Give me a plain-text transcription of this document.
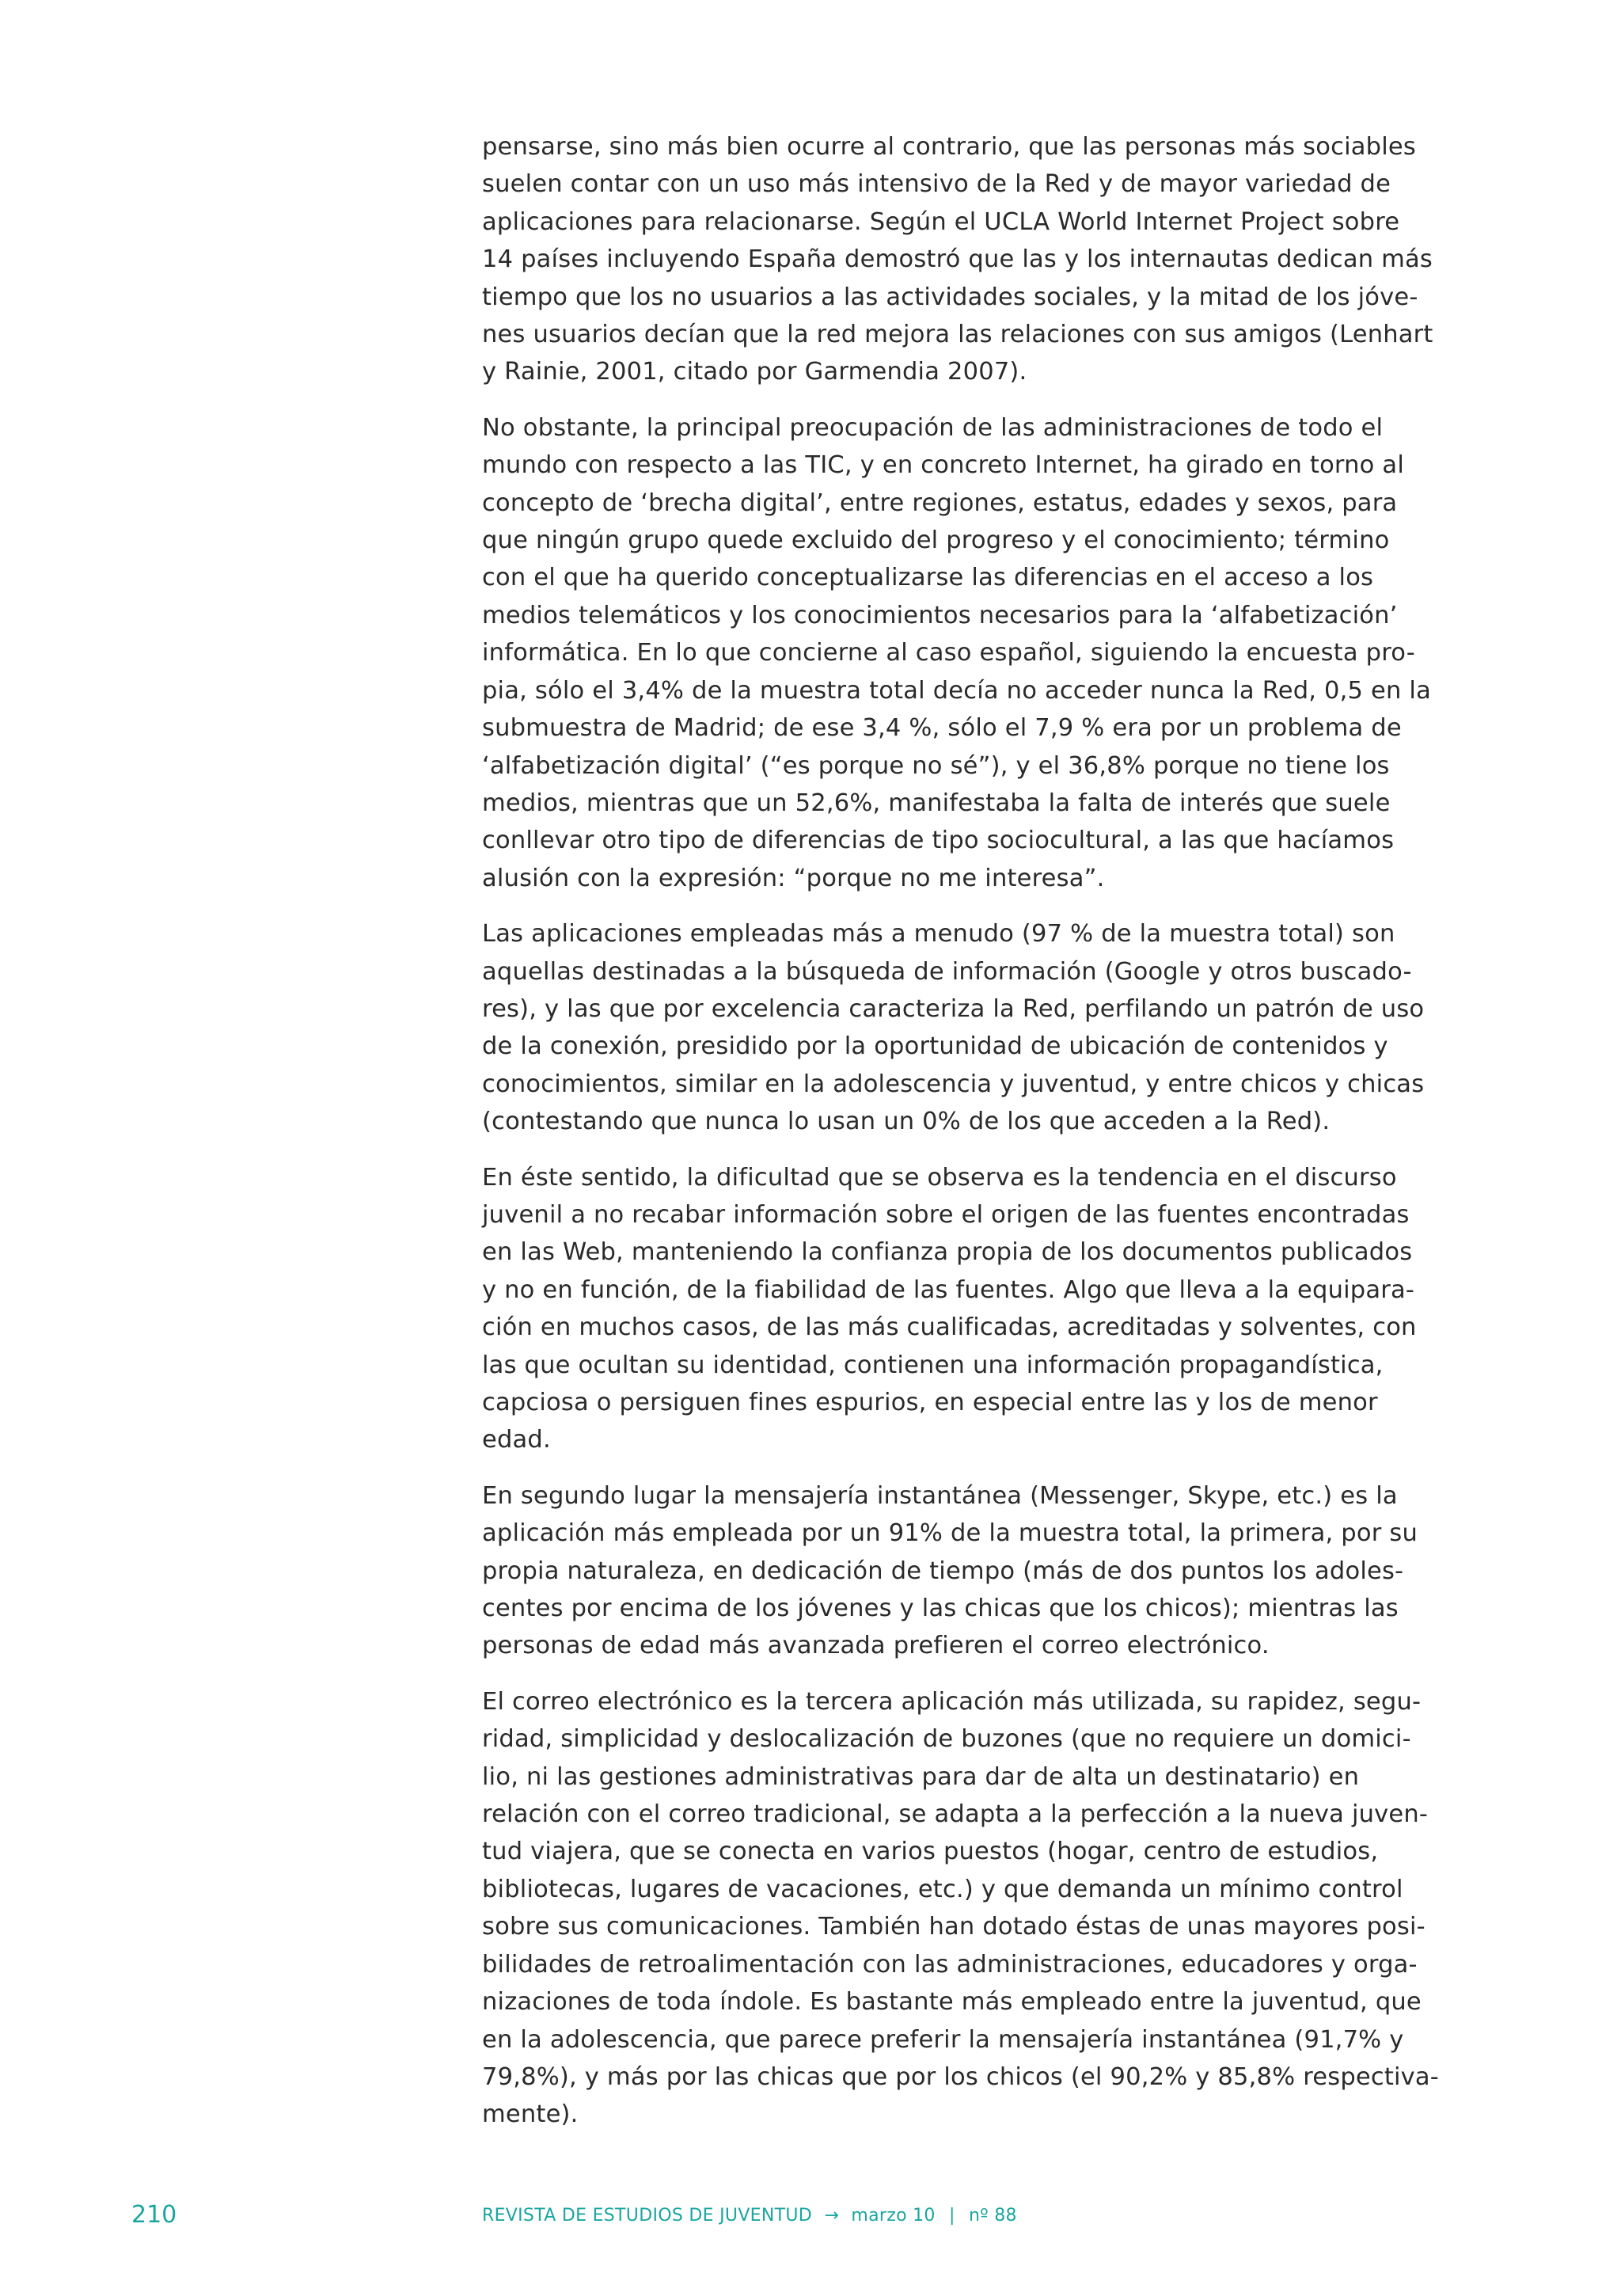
pensarse, sino más bien ocurre al contrario, que las personas más sociables
suelen contar con un uso más intensivo de la Red y de mayor variedad de
aplicaciones para relacionarse. Según el UCLA World Internet Project sobre
14 países incluyendo España demostró que las y los internautas dedican más
tiempo que los no usuarios a las actividades sociales, y la mitad de los jóve-
nes usuarios decían que la red mejora las relaciones con sus amigos (Lenhart
y Rainie, 2001, citado por Garmendia 2007).

No obstante, la principal preocupación de las administraciones de todo el
mundo con respecto a las TIC, y en concreto Internet, ha girado en torno al
concepto de ‘brecha digital’, entre regiones, estatus, edades y sexos, para
que ningún grupo quede excluido del progreso y el conocimiento; término
con el que ha querido conceptualizarse las diferencias en el acceso a los
medios telemáticos y los conocimientos necesarios para la ‘alfabetización’
informática. En lo que concierne al caso español, siguiendo la encuesta pro-
pia, sólo el 3,4% de la muestra total decía no acceder nunca la Red, 0,5 en la
submuestra de Madrid; de ese 3,4 %, sólo el 7,9 % era por un problema de
‘alfabetización digital’ (“es porque no sé”), y el 36,8% porque no tiene los
medios, mientras que un 52,6%, manifestaba la falta de interés que suele
conllevar otro tipo de diferencias de tipo sociocultural, a las que hacíamos
alusión con la expresión: “porque no me interesa”.

Las aplicaciones empleadas más a menudo (97 % de la muestra total) son
aquellas destinadas a la búsqueda de información (Google y otros buscado-
res), y las que por excelencia caracteriza la Red, perfilando un patrón de uso
de la conexión, presidido por la oportunidad de ubicación de contenidos y
conocimientos, similar en la adolescencia y juventud, y entre chicos y chicas
(contestando que nunca lo usan un 0% de los que acceden a la Red).

En éste sentido, la dificultad que se observa es la tendencia en el discurso
juvenil a no recabar información sobre el origen de las fuentes encontradas
en las Web, manteniendo la confianza propia de los documentos publicados
y no en función, de la fiabilidad de las fuentes. Algo que lleva a la equipara-
ción en muchos casos, de las más cualificadas, acreditadas y solventes, con
las que ocultan su identidad, contienen una información propagandística,
capciosa o persiguen fines espurios, en especial entre las y los de menor
edad.

En segundo lugar la mensajería instantánea (Messenger, Skype, etc.) es la
aplicación más empleada por un 91% de la muestra total, la primera, por su
propia naturaleza, en dedicación de tiempo (más de dos puntos los adoles-
centes por encima de los jóvenes y las chicas que los chicos); mientras las
personas de edad más avanzada prefieren el correo electrónico.

El correo electrónico es la tercera aplicación más utilizada, su rapidez, segu-
ridad, simplicidad y deslocalización de buzones (que no requiere un domici-
lio, ni las gestiones administrativas para dar de alta un destinatario) en
relación con el correo tradicional, se adapta a la perfección a la nueva juven-
tud viajera, que se conecta en varios puestos (hogar, centro de estudios,
bibliotecas, lugares de vacaciones, etc.) y que demanda un mínimo control
sobre sus comunicaciones. También han dotado éstas de unas mayores posi-
bilidades de retroalimentación con las administraciones, educadores y orga-
nizaciones de toda índole. Es bastante más empleado entre la juventud, que
en la adolescencia, que parece preferir la mensajería instantánea (91,7% y
79,8%), y más por las chicas que por los chicos (el 90,2% y 85,8% respectiva-
mente).

210	REVISTA DE ESTUDIOS DE JUVENTUD → marzo 10 | nº 88
